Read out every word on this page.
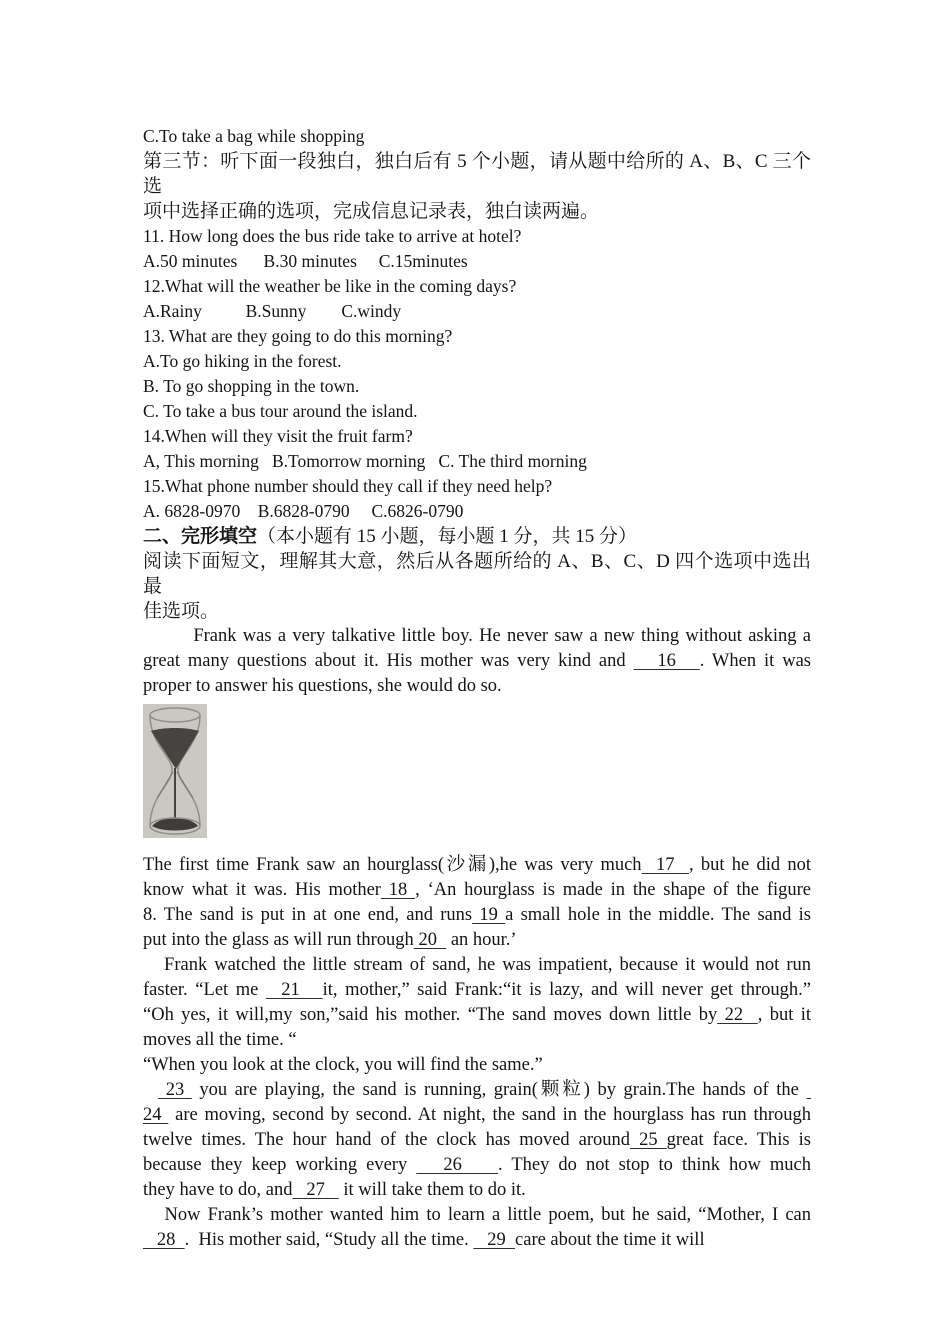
C.To take a bag while shopping
第三节：听下面一段独白，独白后有 5 个小题，请从题中给所的 A、B、C 三个选
项中选择正确的选项，完成信息记录表，独白读两遍。
11. How long does the bus ride take to arrive at hotel?
A.50 minutes      B.30 minutes     C.15minutes
12.What will the weather be like in the coming days?
A.Rainy          B.Sunny        C.windy
13. What are they going to do this morning?
A.To go hiking in the forest.
B. To go shopping in the town.
C. To take a bus tour around the island.
14.When will they visit the fruit farm?
A, This morning   B.Tomorrow morning   C. The third morning
15.What phone number should they call if they need help?
A. 6828-0970    B.6828-0790     C.6826-0790
二、完形填空（本小题有 15 小题，每小题 1 分，共 15 分）
阅读下面短文，理解其大意，然后从各题所给的 A、B、C、D 四个选项中选出最
佳选项。
Frank was a very talkative little boy. He never saw a new thing without asking a
great many questions about it. His mother was very kind and    16   . When it was
proper to answer his questions, she would do so.
The first time Frank saw an hourglass(沙漏),he was very much  17  , but he did not
know what it was. His mother 18 , ‘An hourglass is made in the shape of the figure
8. The sand is put in at one end, and runs 19 a small hole in the middle. The sand is
put into the glass as will run through 20   an hour.’
Frank watched the little stream of sand, he was impatient, because it would not run
faster. “Let me   21   it, mother,” said Frank:“it is lazy, and will never get through.”
“Oh yes, it will,my son,”said his mother. “The sand moves down little by 22  , but it
moves all the time. “
“When you look at the clock, you will find the same.”
23  you are playing, the sand is running, grain(颗粒) by grain.The hands of the
24  are moving, second by second. At night, the sand in the hourglass has run through
twelve times. The hour hand of the clock has moved around 25 great face. This is
because they keep working every    26    . They do not stop to think how much
they have to do, and   27    it will take them to do it.
Now Frank’s mother wanted him to learn a little poem, but he said, “Mother, I can
28  .  His mother said, “Study all the time.    29  care about the time it will
